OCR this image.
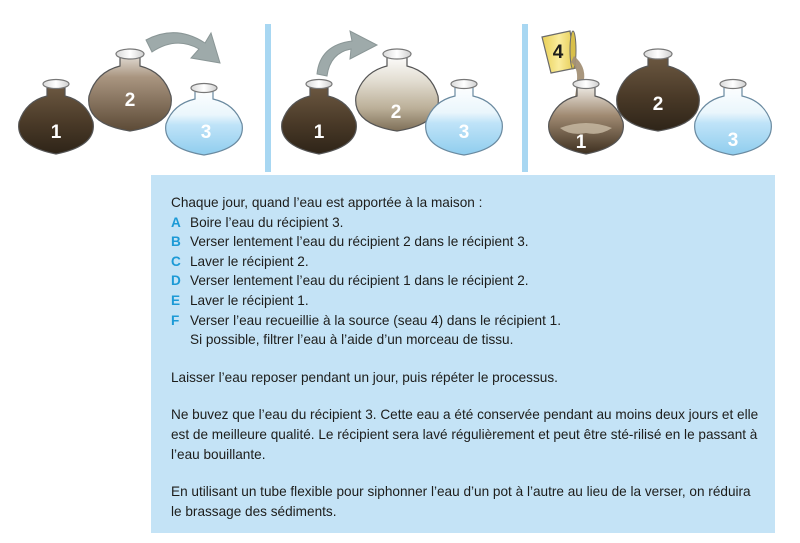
1
2
3	1
2
3
4
1
2
3
Chaque jour, quand l’eau est apportée à la maison :
A Boire l’eau du récipient 3.
B Verser lentement l’eau du récipient 2 dans le récipient 3.
C Laver le récipient 2.
D Verser lentement l’eau du récipient 1 dans le récipient 2.
E Laver le récipient 1.
F Verser l’eau recueillie à la source (seau 4) dans le récipient 1.
Si possible, filtrer l’eau à l’aide d’un morceau de tissu.

Laisser l’eau reposer pendant un jour, puis répéter le processus.

Ne buvez que l’eau du récipient 3. Cette eau a été conservée pendant au moins deux jours et elle est de meilleure qualité. Le récipient sera lavé régulièrement et peut être sté-rilisé en le passant à l’eau bouillante.

En utilisant un tube flexible pour siphonner l’eau d’un pot à l’autre au lieu de la verser, on réduira le brassage des sédiments.
